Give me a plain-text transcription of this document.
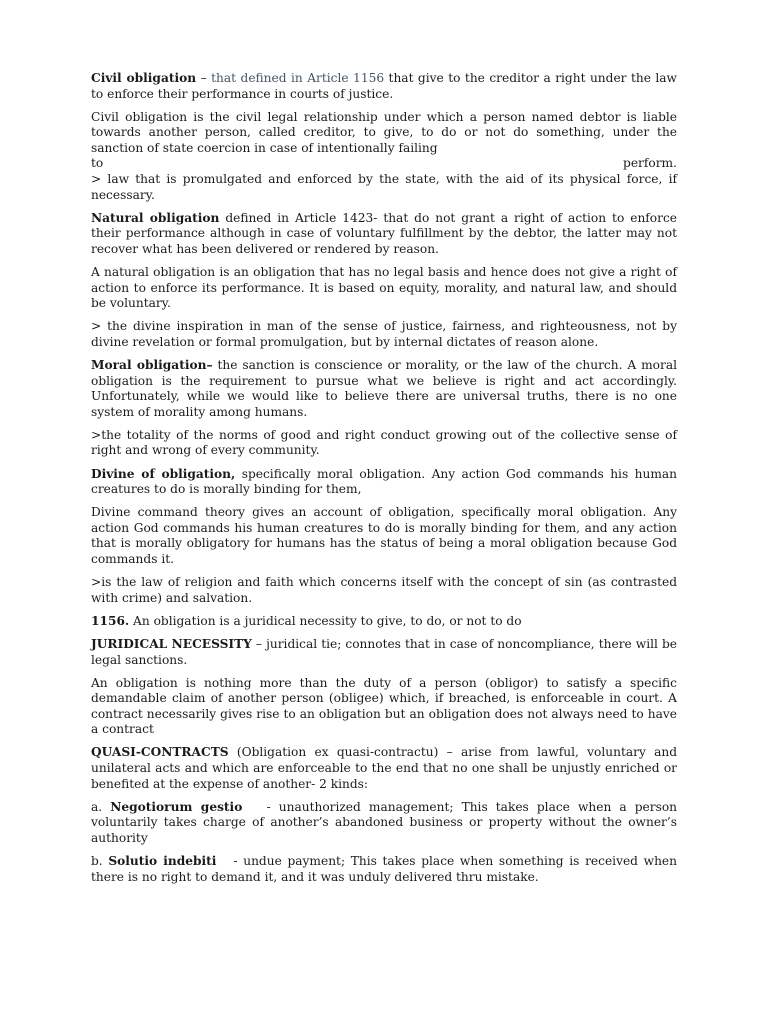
Civil obligation – that defined in Article 1156 that give to the creditor a right under the law to enforce their performance in courts of justice.

Civil obligation is the civil legal relationship under which a person named debtor is liable towards another person, called creditor, to give, to do or not do something, under the sanction of state coercion in case of intentionally failing

to	perform.

> law that is promulgated and enforced by the state, with the aid of its physical force, if necessary.

Natural obligation defined in Article 1423- that do not grant a right of action to enforce their performance although in case of voluntary fulfillment by the debtor, the latter may not recover what has been delivered or rendered by reason.

A natural obligation is an obligation that has no legal basis and hence does not give a right of action to enforce its performance. It is based on equity, morality, and natural law, and should be voluntary.

> the divine inspiration in man of the sense of justice, fairness, and righteousness, not by divine revelation or formal promulgation, but by internal dictates of reason alone.

Moral obligation– the sanction is conscience or morality, or the law of the church. A moral obligation is the requirement to pursue what we believe is right and act accordingly. Unfortunately, while we would like to believe there are universal truths, there is no one system of morality among humans.

>the totality of the norms of good and right conduct growing out of the collective sense of right and wrong of every community.

Divine of obligation, specifically moral obligation. Any action God commands his human creatures to do is morally binding for them,

Divine command theory gives an account of obligation, specifically moral obligation. Any action God commands his human creatures to do is morally binding for them, and any action that is morally obligatory for humans has the status of being a moral obligation because God commands it.

>is the law of religion and faith which concerns itself with the concept of sin (as contrasted with crime) and salvation.

1156. An obligation is a juridical necessity to give, to do, or not to do

JURIDICAL NECESSITY – juridical tie; connotes that in case of noncompliance, there will be legal sanctions.

An obligation is nothing more than the duty of a person (obligor) to satisfy a specific demandable claim of another person (obligee) which, if breached, is enforceable in court. A contract necessarily gives rise to an obligation but an obligation does not always need to have a contract

QUASI-CONTRACTS (Obligation ex quasi-contractu) – arise from lawful, voluntary and unilateral acts and which are enforceable to the end that no one shall be unjustly enriched or benefited at the expense of another- 2 kinds:

a. Negotiorum gestio   - unauthorized management; This takes place when a person voluntarily takes charge of another’s abandoned business or property without the owner’s authority

b. Solutio indebiti   - undue payment; This takes place when something is received when there is no right to demand it, and it was unduly delivered thru mistake.
